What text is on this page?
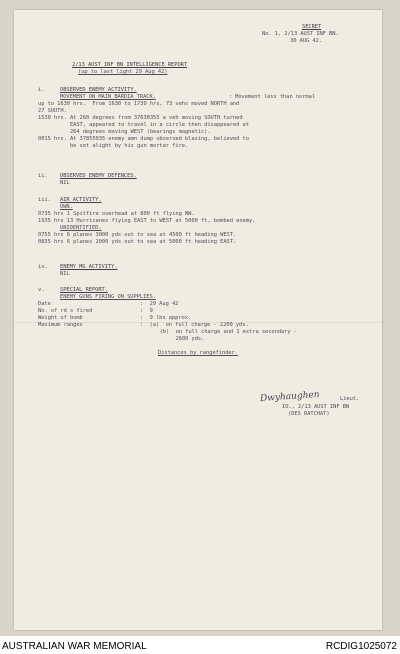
SECRET
No. 1, 2/13 AUST INF BN.
30 AUG 42.
2/13 AUST INF BN INTELLIGENCE REPORT
(up to last light 29 Aug 42)
i.	OBSERVED ENEMY ACTIVITY.
MOVEMENT ON MAIN BARDIA TRACK.	: Movement less than normal
up to 1630 hrs.  From 1630 to 1730 hrs, 73 vehs moved NORTH and
27 SOUTH.
1530 hrs. At 260 degrees from 37630355 a veh moving SOUTH turned
EAST, appeared to travel in a circle then disappeared at
264 degrees moving WEST (bearings magnetic).
0015 hrs. At 37855035 enemy amn dump observed blazing, believed to
be set alight by his gun mortar fire.
ii. OBSERVED ENEMY DEFENCES.
NIL
iii. AIR ACTIVITY.
OWN.
0735 hrs 1 Spitfire overhead at 800 ft flying NW.
1935 hrs 13 Hurricanes flying EAST to WEST at 5000 ft, bombed enemy.
UNIDENTIFIED.
0755 hrs 6 planes 3000 yds out to sea at 4500 ft heading WEST.
0835 hrs 6 planes 2000 yds out to sea at 5000 ft heading EAST.
iv. ENEMY MG ACTIVITY.
NIL
v.	SPECIAL REPORT.
ENEMY GUNS FIRING ON SUPPLIES.
Date	:  29 Aug 42
No. of rd s fired	:  9
Weight of bomb	:  9 lbs approx.
Maximum ranges	:  (a)  on full charge - 2200 yds.
(b)  on full charge and 1 extra secondary -
2600 yds.
Distances by rangefinder.
Dwyhaughen	Lieut.
IO., 2/13 AUST INF BN
(DES RATCHAT)
AUSTRALIAN WAR MEMORIAL	RCDIG1025072
